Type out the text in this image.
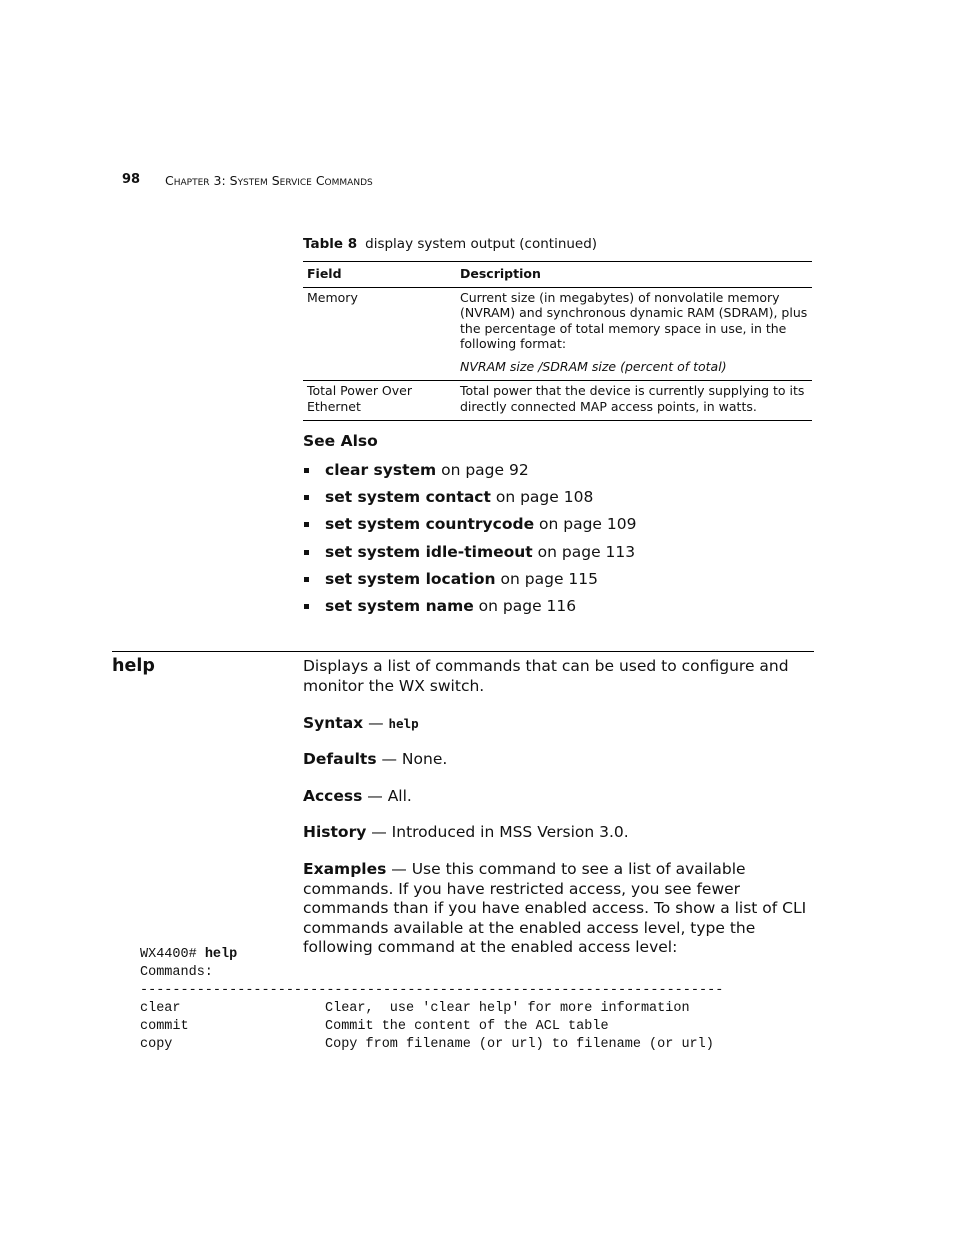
98 Chapter 3: System Service Commands
Table 8 display system output (continued)
Field	Description
Memory	Current size (in megabytes) of nonvolatile memory (NVRAM) and synchronous dynamic RAM (SDRAM), plus the percentage of total memory space in use, in the following format:

NVRAM size /SDRAM size (percent of total)

Total Power Over Ethernet	Total power that the device is currently supplying to its directly connected MAP access points, in watts.

See Also
clear system on page 92
set system contact on page 108
set system countrycode on page 109
set system idle-timeout on page 113
set system location on page 115
set system name on page 116
help	Displays a list of commands that can be used to configure and monitor the WX switch.

Syntax — help

Defaults — None.

Access — All.

History — Introduced in MSS Version 3.0.

Examples — Use this command to see a list of available commands. If you have restricted access, you see fewer commands than if you have enabled access. To show a list of CLI commands available at the enabled access level, type the following command at the enabled access level:

WX4400# help
Commands:
------------------------------------------------------------------------
clear	Clear,  use 'clear help' for more information
commit	Commit the content of the ACL table
copy	Copy from filename (or url) to filename (or url)
